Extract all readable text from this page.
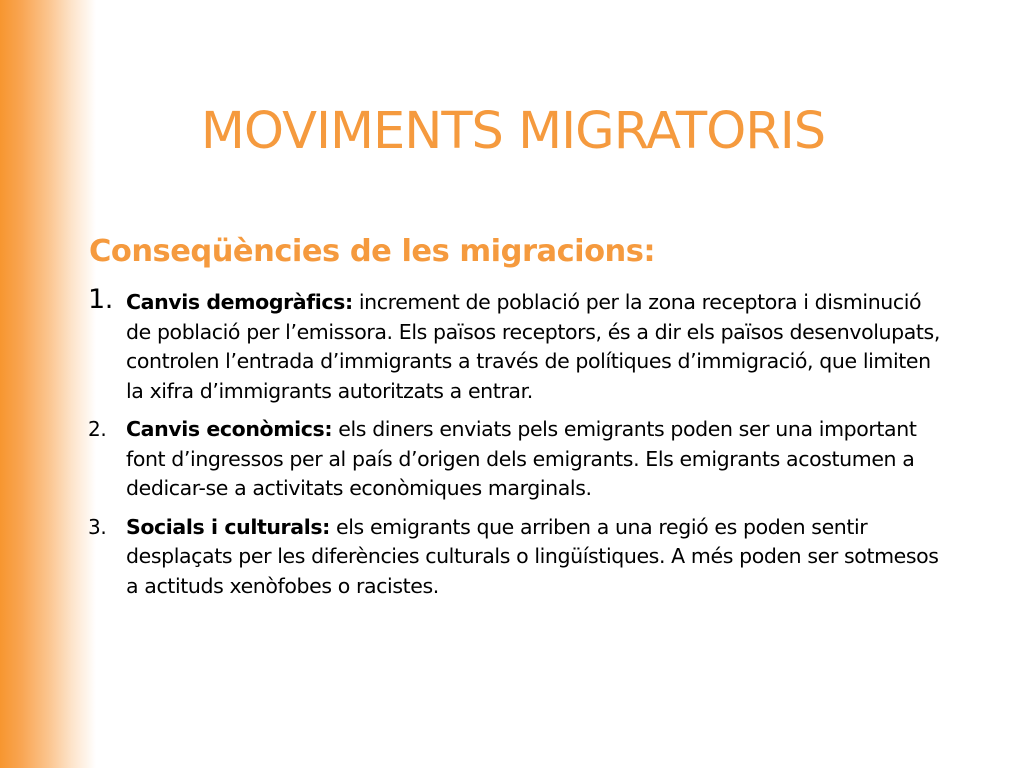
MOVIMENTS MIGRATORIS
Conseqüències de les migracions:
1. Canvis demogràfics: increment de població per la zona receptora i disminució de població per l’emissora. Els països receptors, és a dir els països desenvolupats, controlen l’entrada d’immigrants a través de polítiques d’immigració, que limiten la xifra d’immigrants autoritzats a entrar.
2. Canvis econòmics: els diners enviats pels emigrants poden ser una important font d’ingressos per al país d’origen dels emigrants. Els emigrants acostumen a dedicar-se a activitats econòmiques marginals.
3. Socials i culturals: els emigrants que arriben a una regió es poden sentir desplaçats per les diferències culturals o lingüístiques. A més poden ser sotmesos a actituds xenòfobes o racistes.
